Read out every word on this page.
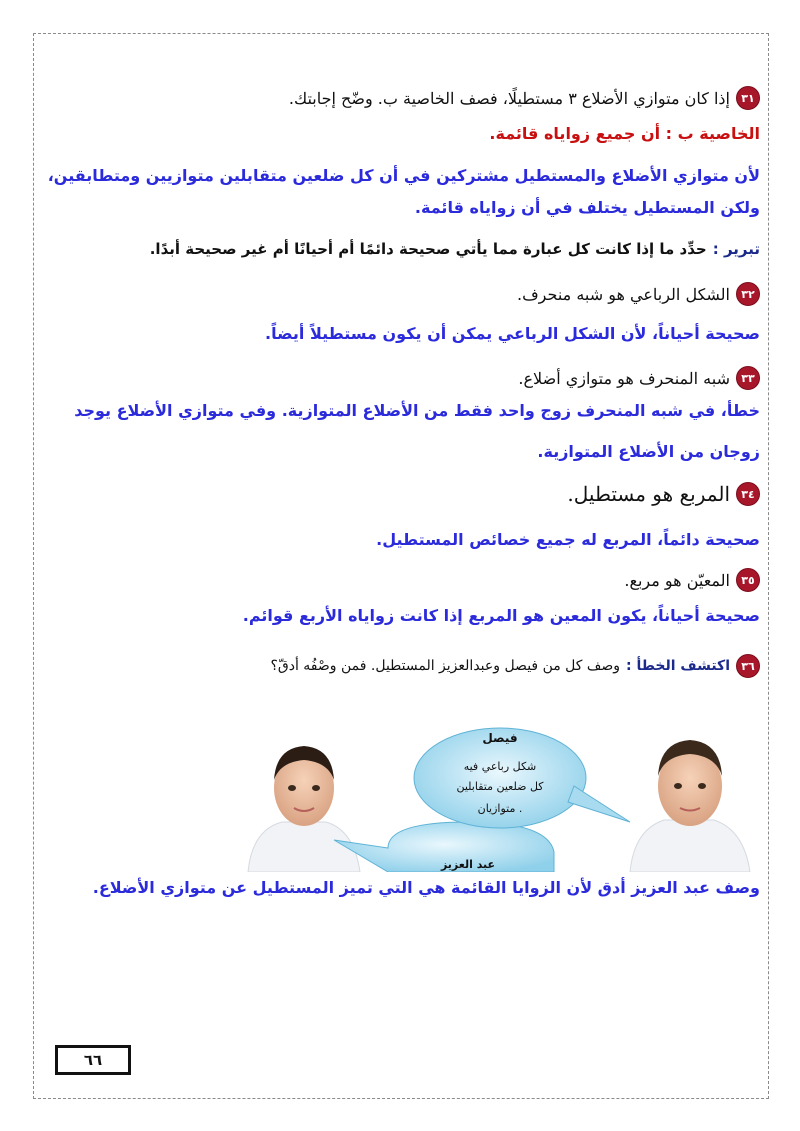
٣١
إذا كان متوازي الأضلاع ٣ مستطيلًا، فصف الخاصية ب. وضّح إجابتك.
الخاصية ب : أن جميع زواياه قائمة.
لأن متوازي الأضلاع والمستطيل مشتركين في أن كل ضلعين متقابلين متوازيين ومتطابقين،
ولكن المستطيل يختلف في أن زواياه قائمة.
تبرير :
حدِّد ما إذا كانت كل عبارة مما يأتي صحيحة دائمًا أم أحيانًا أم غير صحيحة أبدًا.
٣٢
الشكل الرباعي هو شبه منحرف.
صحيحة أحياناً، لأن الشكل الرباعي يمكن أن يكون مستطيلاً أيضاً.
٣٣
شبه المنحرف هو متوازي أضلاع.
خطأ، في شبه المنحرف زوج واحد فقط من الأضلاع المتوازية. وفي متوازي الأضلاع يوجد
زوجان من الأضلاع المتوازية.
٣٤
المربع هو مستطيل.
صحيحة دائماً، المربع له جميع خصائص المستطيل.
٣٥
المعيّن هو مربع.
صحيحة أحياناً، يكون المعين هو المربع إذا كانت زواياه الأربع قوائم.
٣٦
اكتشف الخطأ :
وصف كل من فيصل وعبدالعزيز المستطيل. فمن وصْفُه أدقّ؟
عبد العزيز
فيصل
شكل رباعي فيه
كل ضلعين متقابلين
متوازيان .
وصف عبد العزيز أدق لأن الزوايا القائمة هي التي تميز المستطيل عن متوازي الأضلاع.
٦٦
